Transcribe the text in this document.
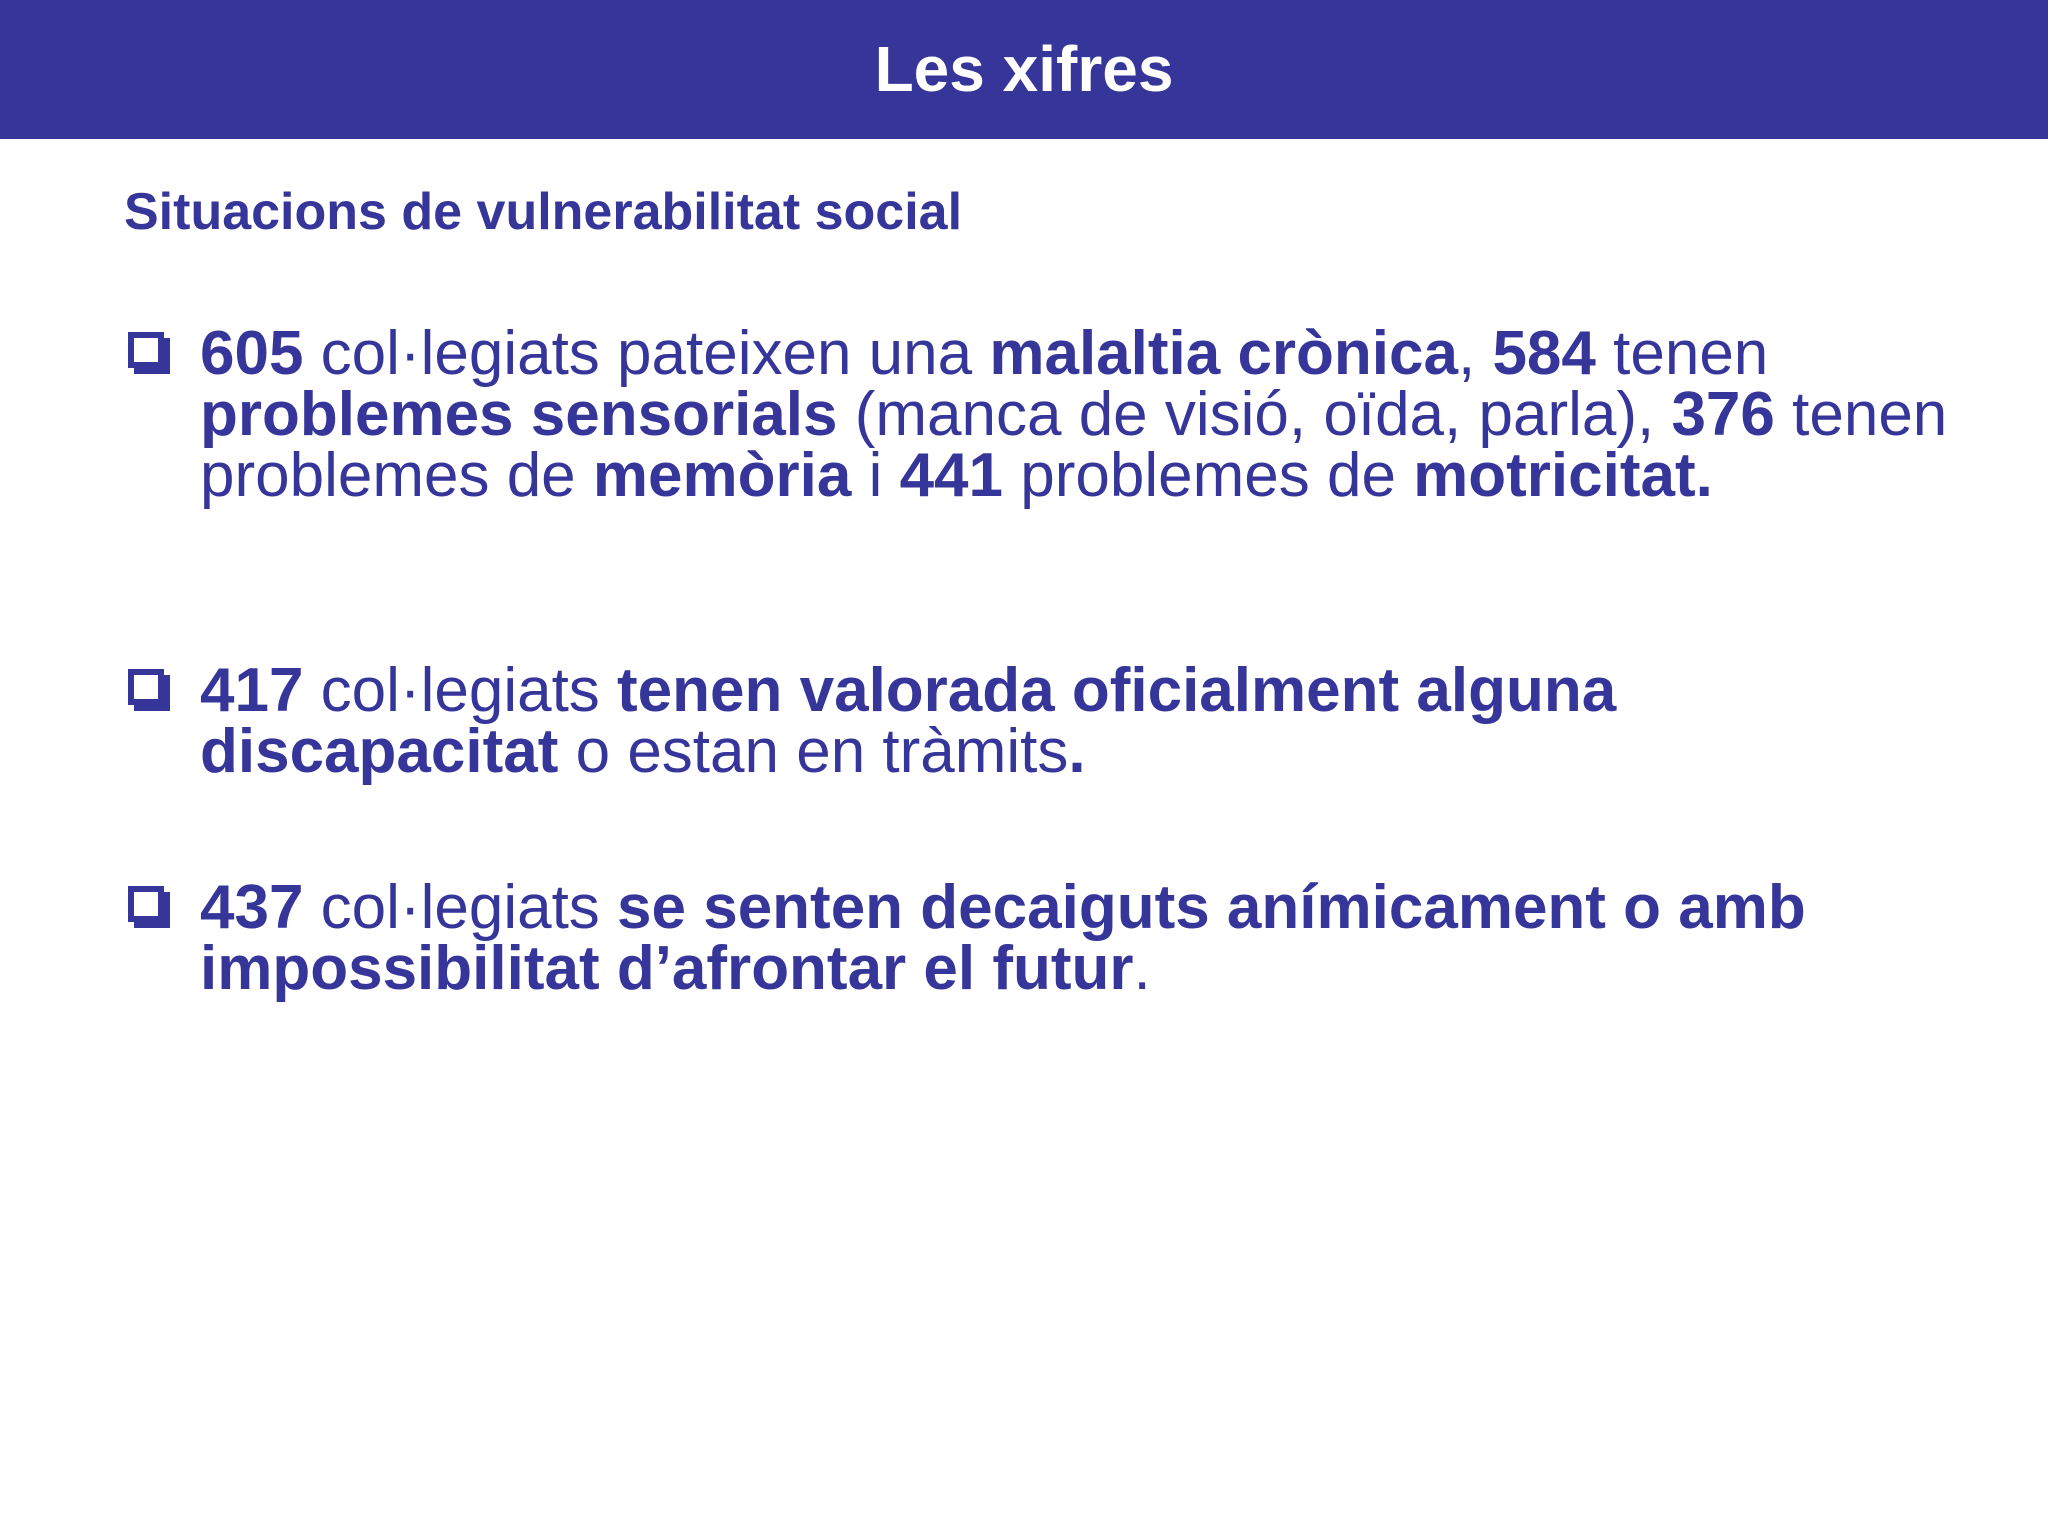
Les xifres
Situacions de vulnerabilitat social
605 col·legiats pateixen una malaltia crònica, 584 tenen problemes sensorials (manca de visió, oïda, parla), 376 tenen problemes de memòria i 441 problemes de motricitat.
417 col·legiats tenen valorada oficialment alguna discapacitat o estan en tràmits.
437 col·legiats se senten decaiguts anímicament o amb impossibilitat d’afrontar el futur.
